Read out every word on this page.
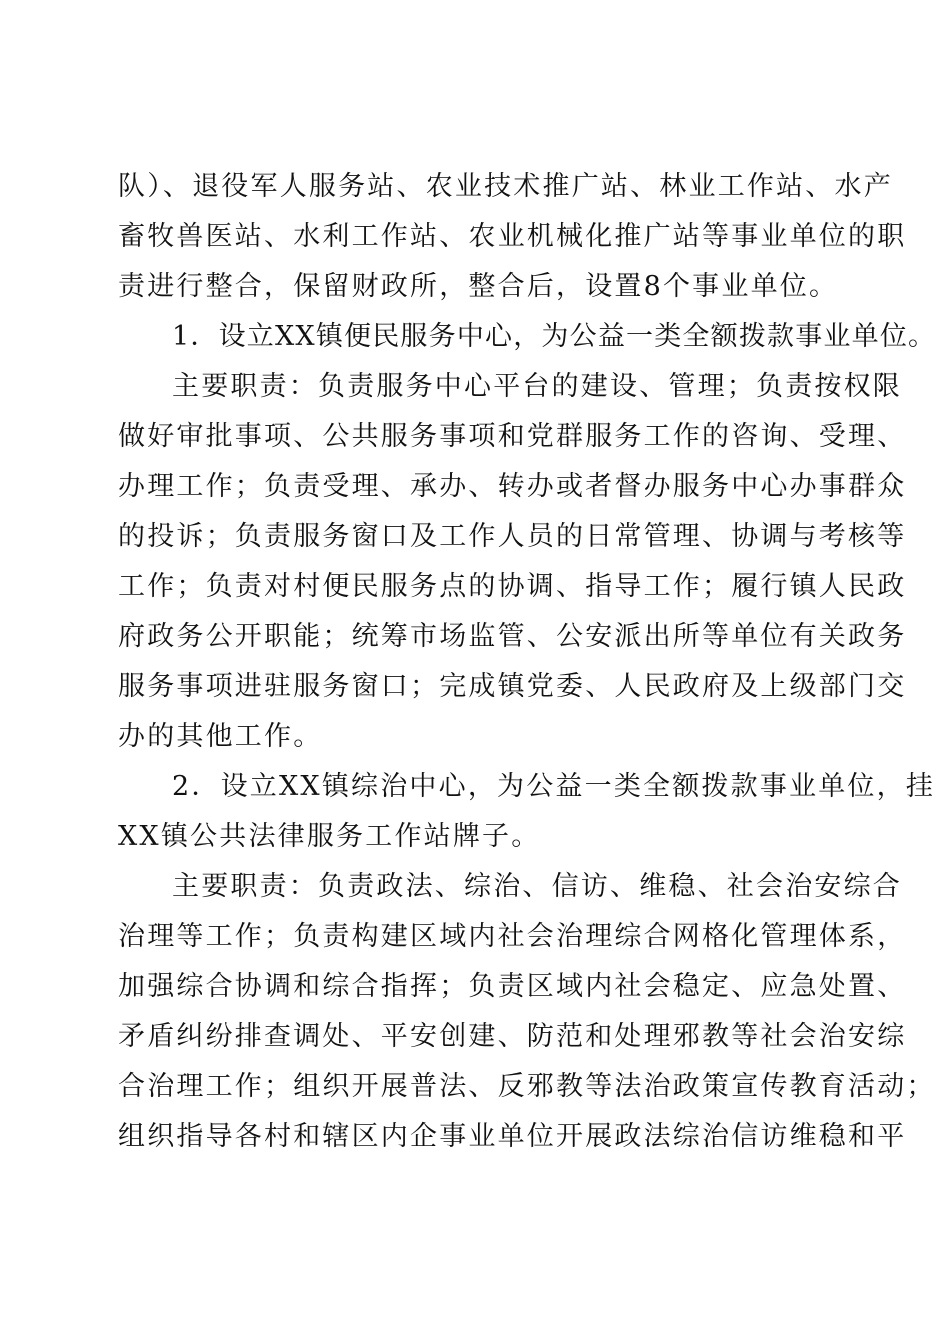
队）、退役军人服务站、农业技术推广站、林业工作站、水产
畜牧兽医站、水利工作站、农业机械化推广站等事业单位的职
责进行整合，保留财政所，整合后，设置8个事业单位。
1．设立XX镇便民服务中心，为公益一类全额拨款事业单位。
主要职责：负责服务中心平台的建设、管理；负责按权限
做好审批事项、公共服务事项和党群服务工作的咨询、受理、
办理工作；负责受理、承办、转办或者督办服务中心办事群众
的投诉；负责服务窗口及工作人员的日常管理、协调与考核等
工作；负责对村便民服务点的协调、指导工作；履行镇人民政
府政务公开职能；统筹市场监管、公安派出所等单位有关政务
服务事项进驻服务窗口；完成镇党委、人民政府及上级部门交
办的其他工作。
2．设立XX镇综治中心，为公益一类全额拨款事业单位，挂
XX镇公共法律服务工作站牌子。
主要职责：负责政法、综治、信访、维稳、社会治安综合
治理等工作；负责构建区域内社会治理综合网格化管理体系，
加强综合协调和综合指挥；负责区域内社会稳定、应急处置、
矛盾纠纷排查调处、平安创建、防范和处理邪教等社会治安综
合治理工作；组织开展普法、反邪教等法治政策宣传教育活动；
组织指导各村和辖区内企事业单位开展政法综治信访维稳和平
